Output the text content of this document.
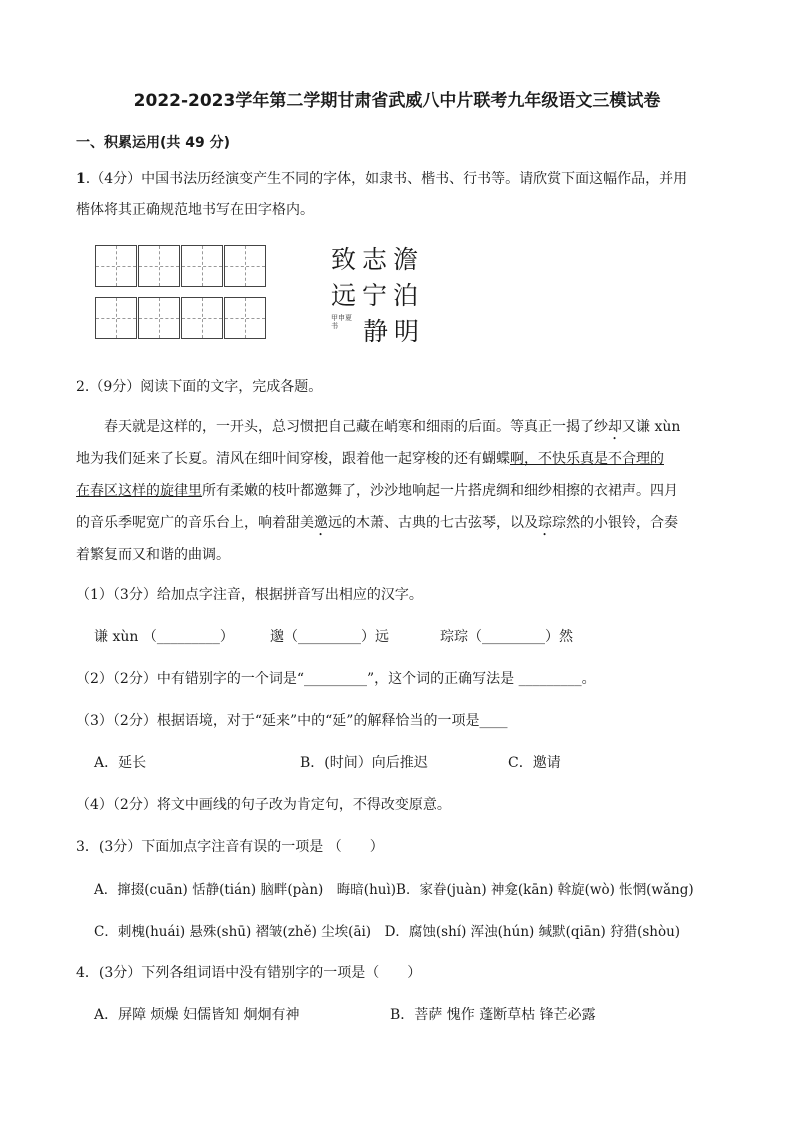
2022-2023学年第二学期甘肃省武威八中片联考九年级语文三模试卷
一、积累运用(共 49 分)
1.（4分）中国书法历经演变产生不同的字体，如隶书、楷书、行书等。请欣赏下面这幅作品，并用
楷体将其正确规范地书写在田字格内。
致志澹
远宁泊
静明
甲申夏书
2.（9分）阅读下面的文字，完成各题。
春天就是这样的，一开头，总习惯把自己藏在峭寒和细雨的后面。等真正一揭了纱却又谦 xùn
地为我们延来了长夏。清风在细叶间穿梭，跟着他一起穿梭的还有蝴蝶啊，不快乐真是不合理的
在春区这样的旋律里所有柔嫩的枝叶都邀舞了，沙沙地响起一片搭虎绸和细纱相擦的衣裙声。四月
的音乐季呢宽广的音乐台上，响着甜美邀远的木萧、古典的七古弦琴，以及琮琮然的小银铃，合奏
着繁复而又和谐的曲调。
（1）（3分）给加点字注音，根据拼音写出相应的汉字。
谦 xùn （_________）	邈（_________）远	琮琮（_________）然
（2）（2分）中有错别字的一个词是“_________”，这个词的正确写法是 _________。
（3）（2分）根据语境，对于“延来”中的“延”的解释恰当的一项是____
A．延长	B．(时间）向后推迟	C．邀请
（4）（2分）将文中画线的句子改为肯定句，不得改变原意。
3．(3分）下面加点字注音有误的一项是 （　　）
A．撺掇(cuān) 恬静(tián) 脑畔(pàn)　晦暗(huì)B．家眷(juàn) 神龛(kān) 斡旋(wò) 怅惘(wǎng)
C．刺槐(huái) 悬殊(shū) 褶皱(zhě) 尘埃(āi)　D．腐蚀(shí) 浑浊(hún) 缄默(qiān) 狩猎(shòu)
4．(3分）下列各组词语中没有错别字的一项是（　　）
A．屏障 烦燥 妇儒皆知 炯炯有神	B．菩萨 愧作 蓬断草枯 锋芒必露
